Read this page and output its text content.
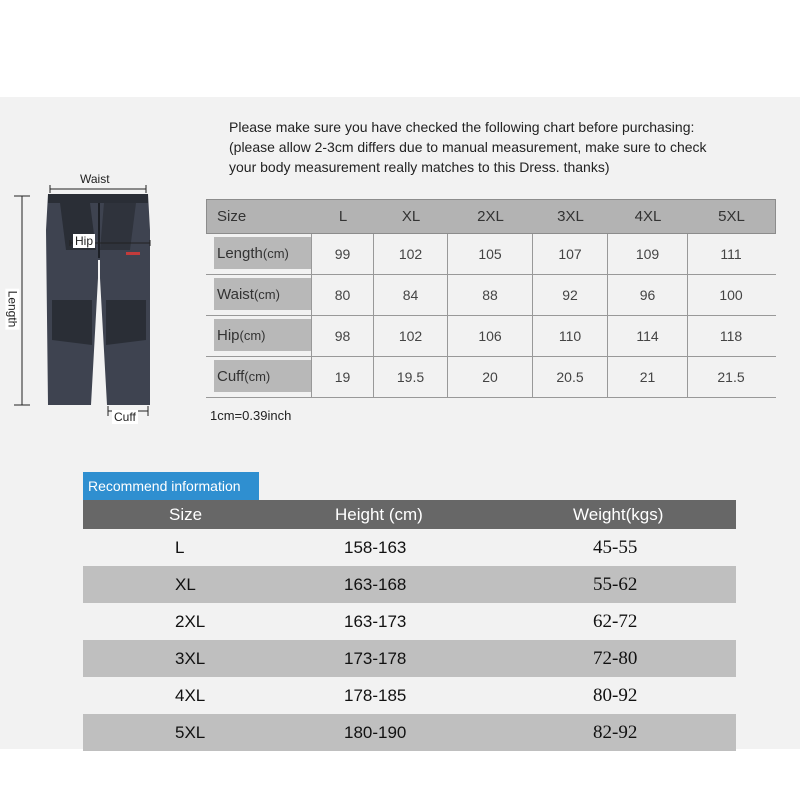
Please make sure you have checked the following chart before purchasing:
(please allow 2-3cm differs due to manual measurement, make sure to check
your body measurement really matches to this Dress. thanks)
Waist
Hip
Length
Cuff
Size	L	XL	2XL	3XL	4XL	5XL
Length (cm)	99	102	105	107	109	111
Waist (cm)	80	84	88	92	96	100
Hip (cm)	98	102	106	110	114	118
Cuff (cm)	19	19.5	20	20.5	21	21.5
1cm=0.39inch
Recommend information
Size	Height (cm)	Weight(kgs)
L	158-163	45-55
XL	163-168	55-62
2XL	163-173	62-72
3XL	173-178	72-80
4XL	178-185	80-92
5XL	180-190	82-92
